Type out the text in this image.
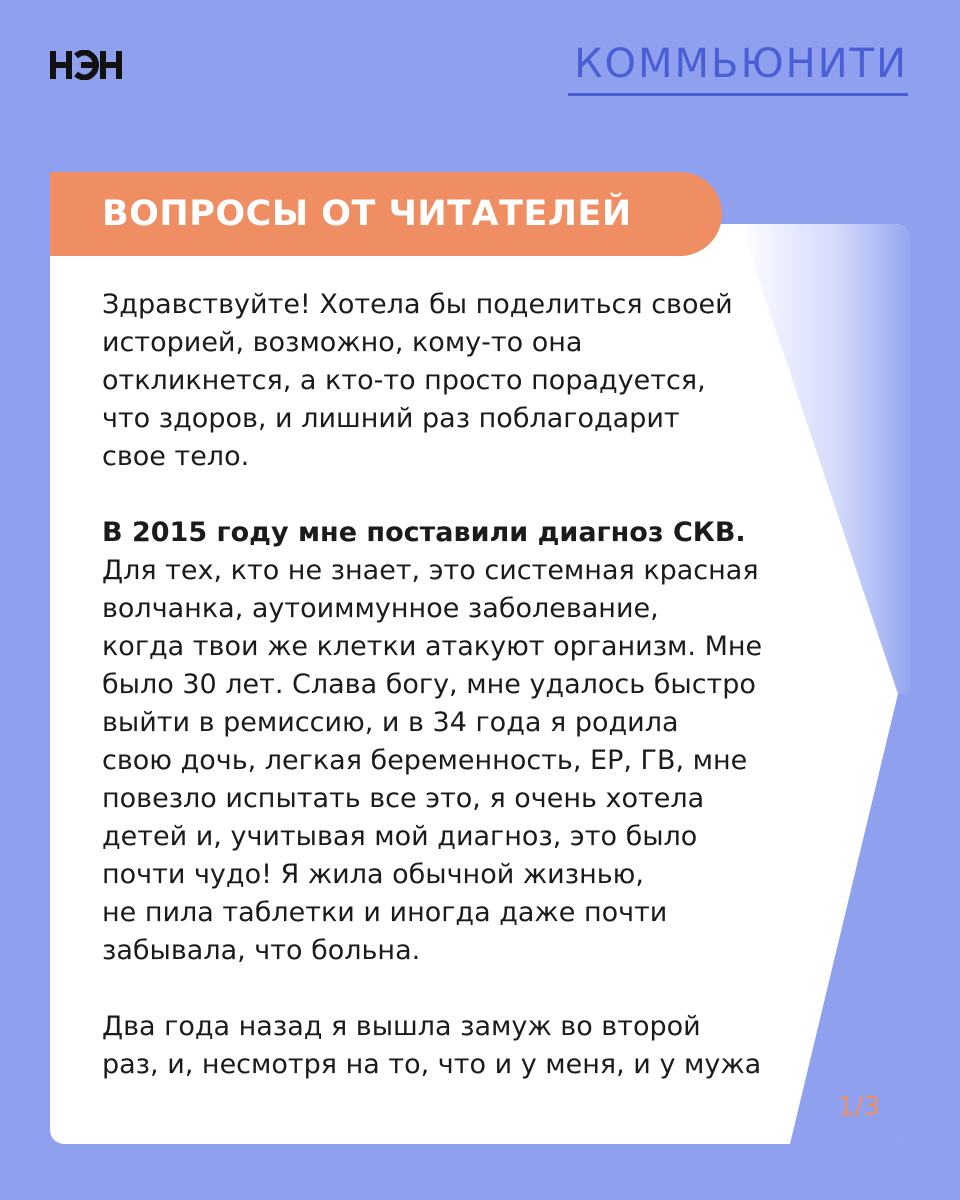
КОММЬЮНИТИ
ВОПРОСЫ ОТ ЧИТАТЕЛЕЙ
Здравствуйте! Хотела бы поделиться своей
историей, возможно, кому-то она
откликнется, а кто-то просто порадуется,
что здоров, и лишний раз поблагодарит
свое тело.
В 2015 году мне поставили диагноз СКВ.
Для тех, кто не знает, это системная красная
волчанка, аутоиммунное заболевание,
когда твои же клетки атакуют организм. Мне
было 30 лет. Слава богу, мне удалось быстро
выйти в ремиссию, и в 34 года я родила
свою дочь, легкая беременность, ЕР, ГВ, мне
повезло испытать все это, я очень хотела
детей и, учитывая мой диагноз, это было
почти чудо! Я жила обычной жизнью,
не пила таблетки и иногда даже почти
забывала, что больна.
Два года назад я вышла замуж во второй
раз, и, несмотря на то, что и у меня, и у мужа
1/3
